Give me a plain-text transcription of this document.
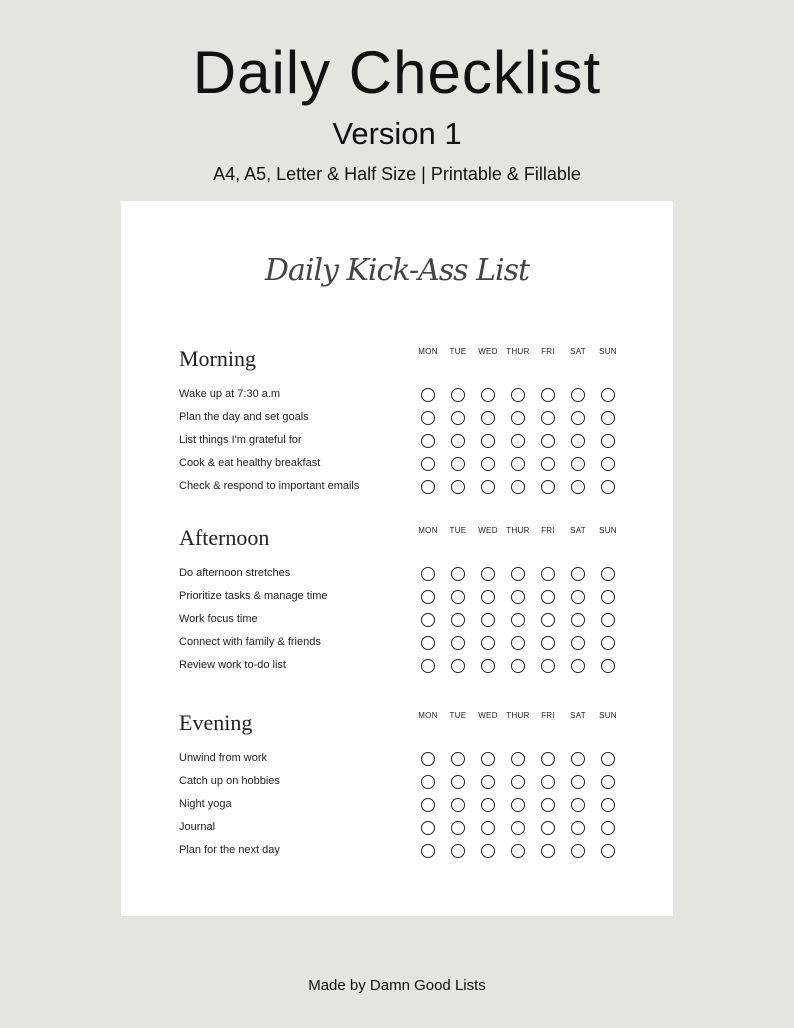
Daily Checklist
Version 1
A4, A5, Letter & Half Size | Printable & Fillable
Daily Kick-Ass List
Morning	MON	TUE	WED	THUR	FRI	SAT	SUN
Wake up at 7:30 a.m
Plan the day and set goals
List things I'm grateful for
Cook & eat healthy breakfast
Check & respond to important emails
Afternoon	MON	TUE	WED	THUR	FRI	SAT	SUN
Do afternoon stretches
Prioritize tasks & manage time
Work focus time
Connect with family & friends
Review work to-do list
Evening	MON	TUE	WED	THUR	FRI	SAT	SUN
Unwind from work
Catch up on hobbies
Night yoga
Journal
Plan for the next day
Made by Damn Good Lists
